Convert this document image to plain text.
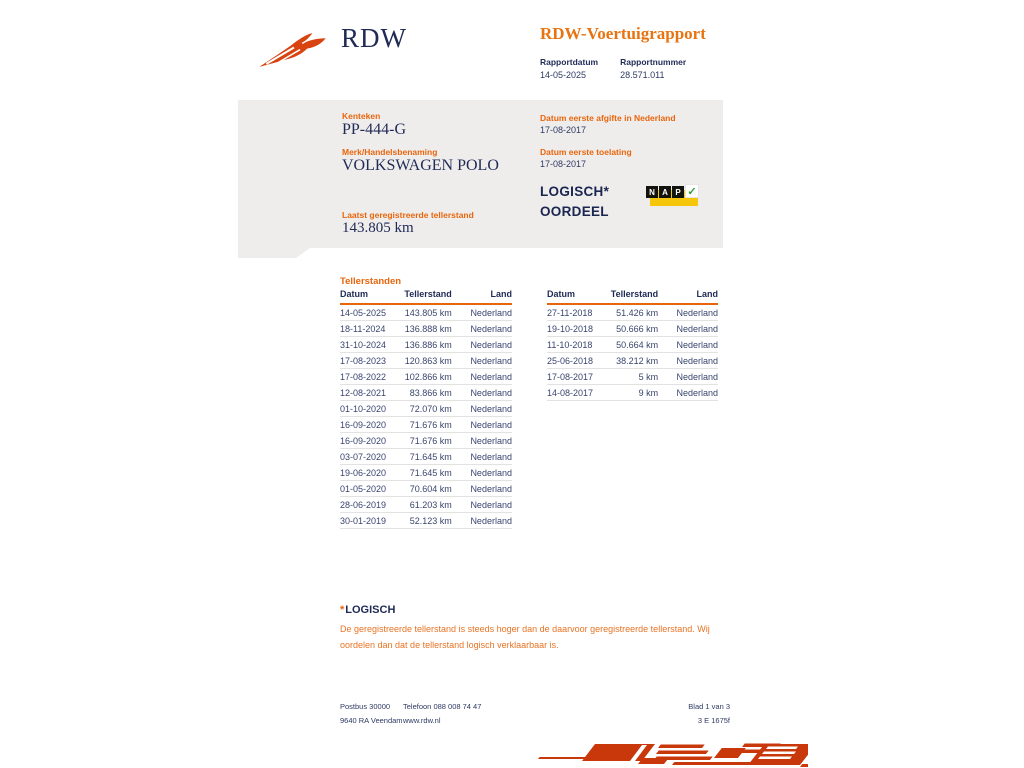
RDW	RDW-Voertuigrapport
Rapportdatum
14-05-2025
Rapportnummer
28.571.011
Kenteken
PP-444-G
Merk/Handelsbenaming
VOLKSWAGEN POLO
Laatst geregistreerde tellerstand
143.805 km
Datum eerste afgifte in Nederland
17-08-2017
Datum eerste toelating
17-08-2017
LOGISCH*
OORDEEL
N A P ✓
Tellerstanden
Datum	Tellerstand	Land
14-05-2025	143.805 km	Nederland
18-11-2024	136.888 km	Nederland
31-10-2024	136.886 km	Nederland
17-08-2023	120.863 km	Nederland
17-08-2022	102.866 km	Nederland
12-08-2021	83.866 km	Nederland
01-10-2020	72.070 km	Nederland
16-09-2020	71.676 km	Nederland
16-09-2020	71.676 km	Nederland
03-07-2020	71.645 km	Nederland
19-06-2020	71.645 km	Nederland
01-05-2020	70.604 km	Nederland
28-06-2019	61.203 km	Nederland
30-01-2019	52.123 km	Nederland
Datum	Tellerstand	Land
27-11-2018	51.426 km	Nederland
19-10-2018	50.666 km	Nederland
11-10-2018	50.664 km	Nederland
25-06-2018	38.212 km	Nederland
17-08-2017	5 km	Nederland
14-08-2017	9 km	Nederland
*LOGISCH
De geregistreerde tellerstand is steeds hoger dan de daarvoor geregistreerde tellerstand. Wij oordelen dan dat de tellerstand logisch verklaarbaar is.
Postbus 30000
9640 RA Veendam
Telefoon 088 008 74 47
www.rdw.nl
Blad 1 van 3
3 E 1675f
